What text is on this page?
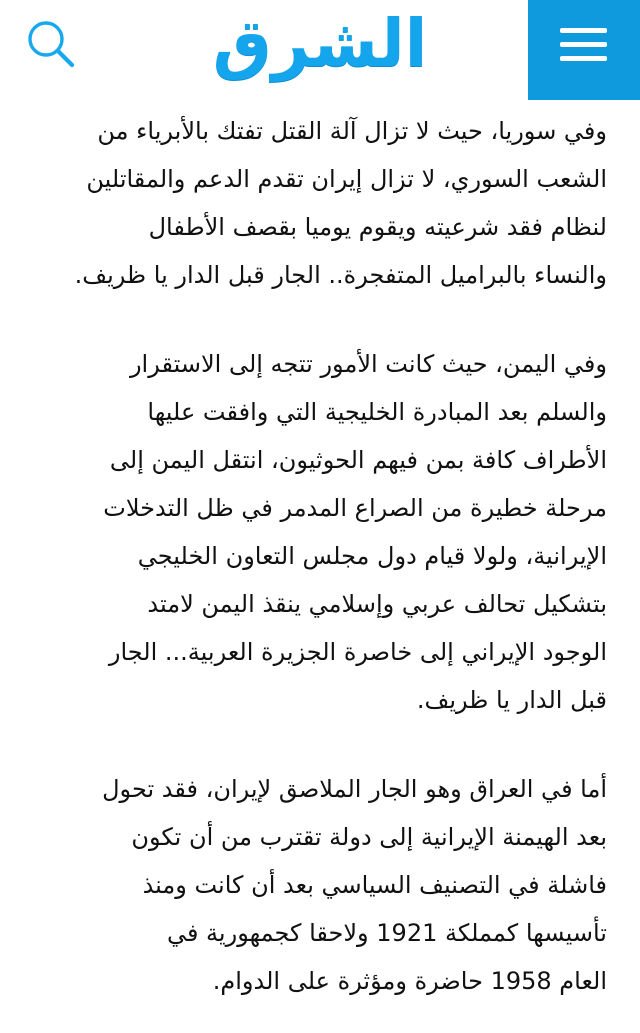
الشرق

وفي سوريا، حيث لا تزال آلة القتل تفتك بالأبرياء من
الشعب السوري، لا تزال إيران تقدم الدعم والمقاتلين
لنظام فقد شرعيته ويقوم يوميا بقصف الأطفال
والنساء بالبراميل المتفجرة.. الجار قبل الدار يا ظريف.

وفي اليمن، حيث كانت الأمور تتجه إلى الاستقرار
والسلم بعد المبادرة الخليجية التي وافقت عليها
الأطراف كافة بمن فيهم الحوثيون، انتقل اليمن إلى
مرحلة خطيرة من الصراع المدمر في ظل التدخلات
الإيرانية، ولولا قيام دول مجلس التعاون الخليجي
بتشكيل تحالف عربي وإسلامي ينقذ اليمن لامتد
الوجود الإيراني إلى خاصرة الجزيرة العربية... الجار
قبل الدار يا ظريف.

أما في العراق وهو الجار الملاصق لإيران، فقد تحول
بعد الهيمنة الإيرانية إلى دولة تقترب من أن تكون
فاشلة في التصنيف السياسي بعد أن كانت ومنذ
تأسيسها كمملكة 1921 ولاحقا كجمهورية في
العام 1958 حاضرة ومؤثرة على الدوام.
